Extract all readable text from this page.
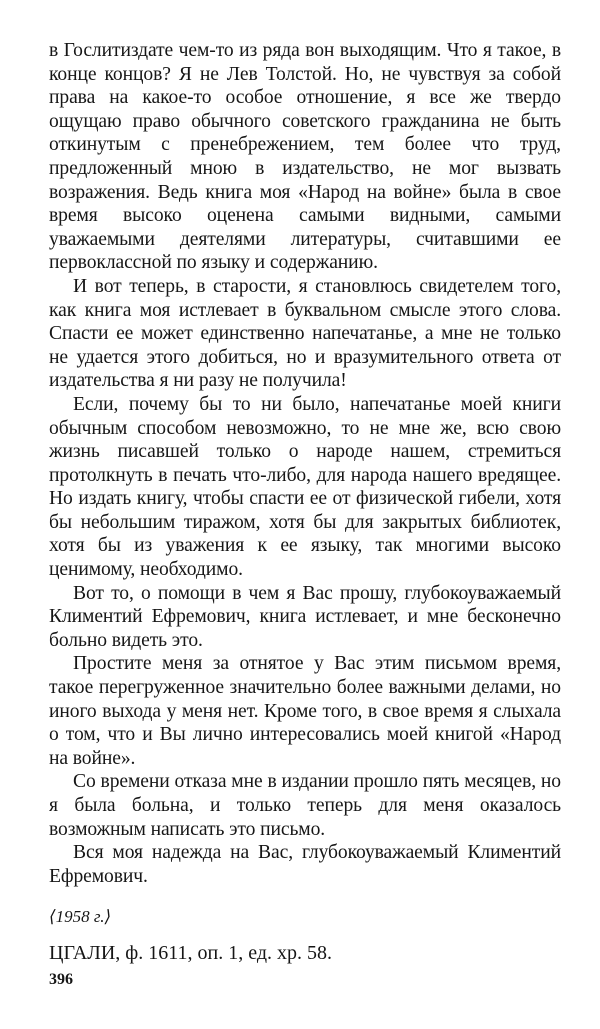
в Гослитиздате чем-то из ряда вон выходящим. Что я такое, в конце концов? Я не Лев Толстой. Но, не чувствуя за собой права на какое-то особое отношение, я все же твердо ощущаю право обычного советского гражданина не быть откинутым с пренебрежением, тем более что труд, предложенный мною в издательство, не мог вызвать возражения. Ведь книга моя «Народ на войне» была в свое время высоко оценена самыми видными, самыми уважаемыми деятелями литературы, считавшими ее первоклассной по языку и содержанию.

И вот теперь, в старости, я становлюсь свидетелем того, как книга моя истлевает в буквальном смысле этого слова. Спасти ее может единственно напечатанье, а мне не только не удается этого добиться, но и вразумительного ответа от издательства я ни разу не получила!

Если, почему бы то ни было, напечатанье моей книги обычным способом невозможно, то не мне же, всю свою жизнь писавшей только о народе нашем, стремиться протолкнуть в печать что-либо, для народа нашего вредящее. Но издать книгу, чтобы спасти ее от физической гибели, хотя бы небольшим тиражом, хотя бы для закрытых библиотек, хотя бы из уважения к ее языку, так многими высоко ценимому, необходимо.

Вот то, о помощи в чем я Вас прошу, глубокоуважаемый Климентий Ефремович, книга истлевает, и мне бесконечно больно видеть это.

Простите меня за отнятое у Вас этим письмом время, такое перегруженное значительно более важными делами, но иного выхода у меня нет. Кроме того, в свое время я слыхала о том, что и Вы лично интересовались моей книгой «Народ на войне».

Со времени отказа мне в издании прошло пять месяцев, но я была больна, и только теперь для меня оказалось возможным написать это письмо.

Вся моя надежда на Вас, глубокоуважаемый Климентий Ефремович.

⟨1958 г.⟩

ЦГАЛИ, ф. 1611, оп. 1, ед. хр. 58.

396
